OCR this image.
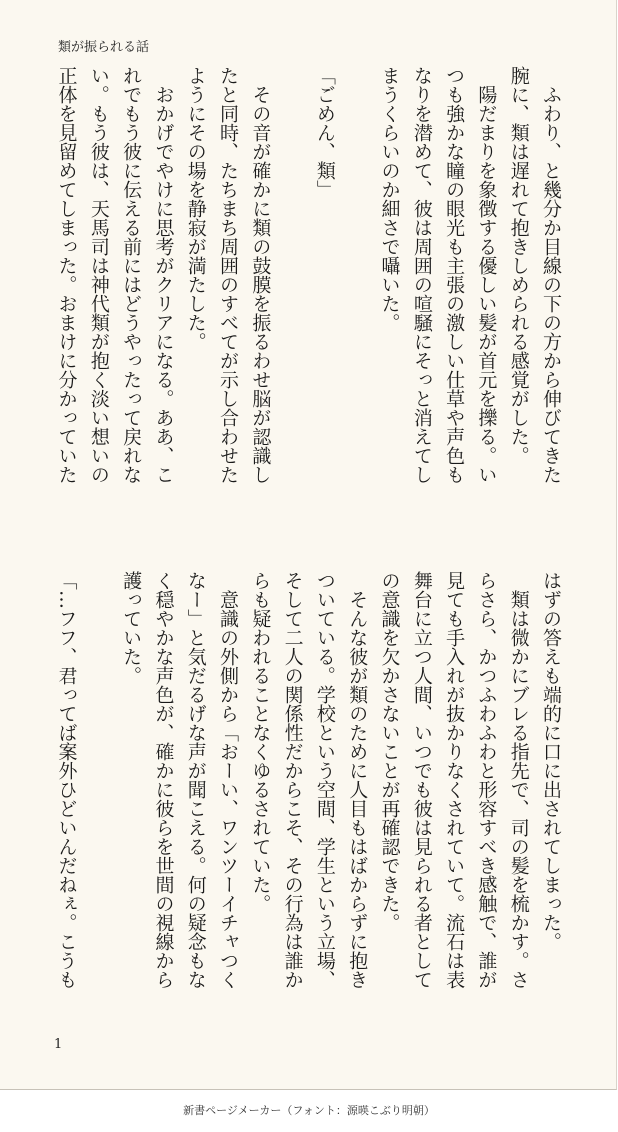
類が振られる話

　ふわり、と幾分か目線の下の方から伸びてきた

腕に、類は遅れて抱きしめられる感覚がした。

　陽だまりを象徴する優しい髪が首元を擽る。い

つも強かな瞳の眼光も主張の激しい仕草や声色も

なりを潜めて、彼は周囲の喧騒にそっと消えてし

まうくらいのか細さで囁いた。

「ごめん、類」

　その音が確かに類の鼓膜を振るわせ脳が認識し

たと同時、たちまち周囲のすべてが示し合わせた

ようにその場を静寂が満たした。

　おかげでやけに思考がクリアになる。ああ、こ

れでもう彼に伝える前にはどうやったって戻れな

い。もう彼は、天馬司は神代類が抱く淡い想いの

正体を見留めてしまった。おまけに分かっていた

はずの答えも端的に口に出されてしまった。

　類は微かにブレる指先で、司の髪を梳かす。さ

らさら、かつふわふわと形容すべき感触で、誰が

見ても手入れが抜かりなくされていて。流石は表

舞台に立つ人間、いつでも彼は見られる者として

の意識を欠かさないことが再確認できた。

　そんな彼が類のために人目もはばからずに抱き

ついている。学校という空間、学生という立場、

そして二人の関係性だからこそ、その行為は誰か

らも疑われることなくゆるされていた。

　意識の外側から「おーい、ワンツーイチャつく

なー」と気だるげな声が聞こえる。何の疑念もな

く穏やかな声色が、確かに彼らを世間の視線から

護っていた。

「…フフ、君ってば案外ひどいんだねぇ。こうも

1
新書ページメーカー（フォント：源暎こぶり明朝）
